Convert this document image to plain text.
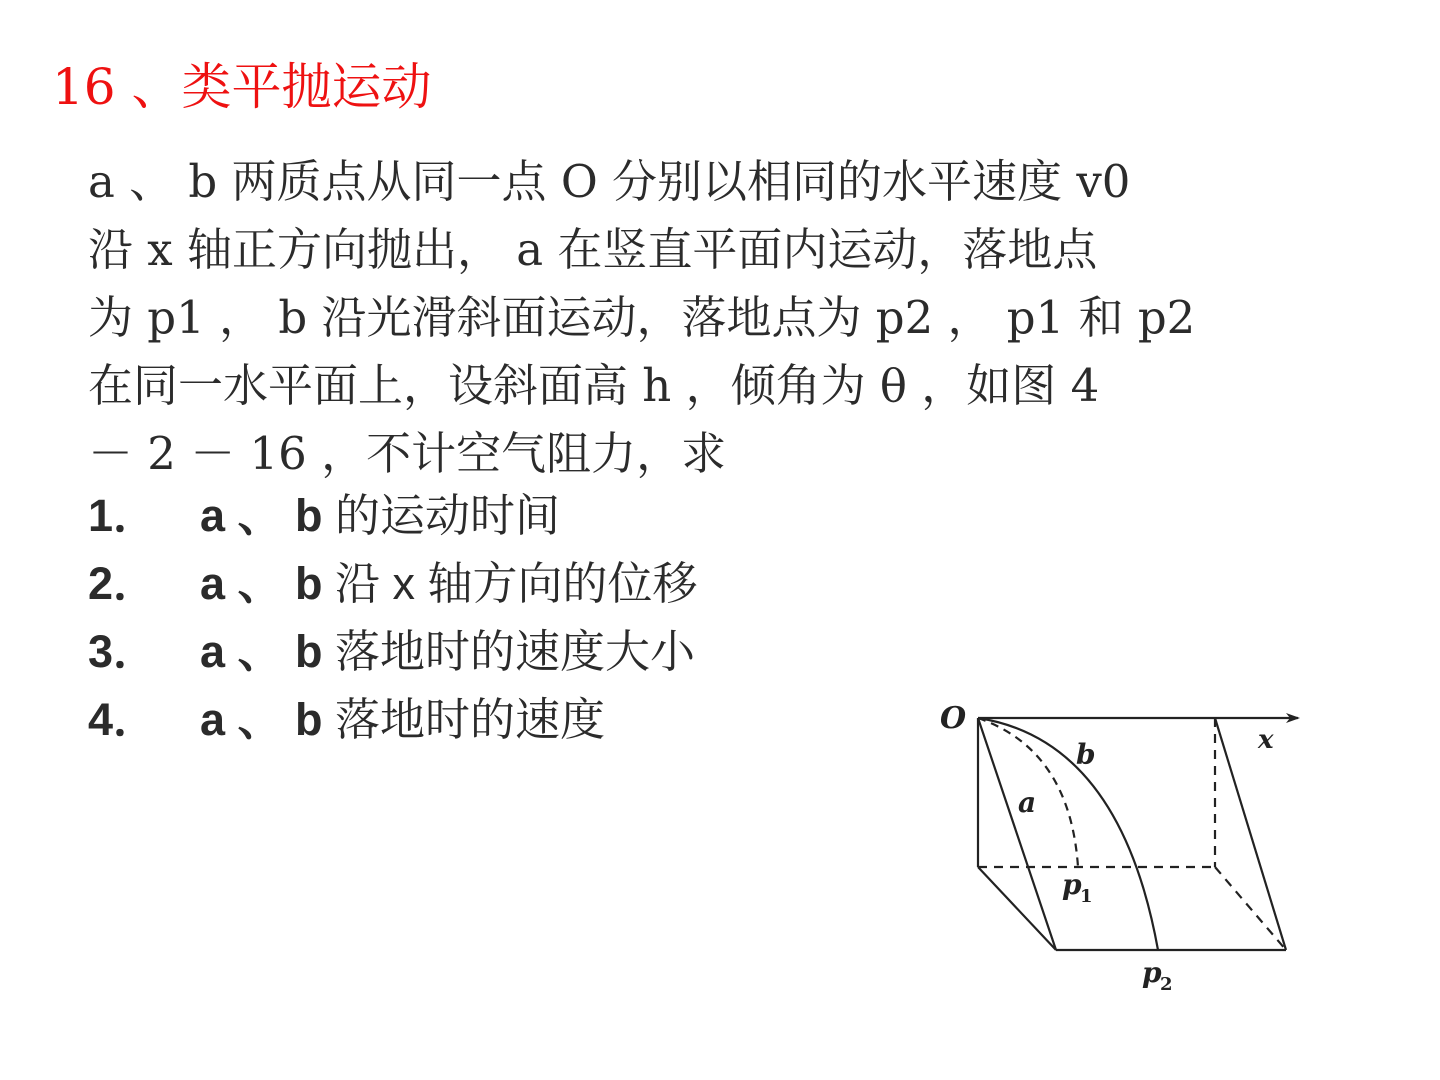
16 、类平抛运动
a 、 b 两质点从同一点 O 分别以相同的水平速度 v0
沿 x 轴正方向抛出， a 在竖直平面内运动，落地点
为 p1 ， b 沿光滑斜面运动，落地点为 p2 ， p1 和 p2
在同一水平面上，设斜面高 h ，倾角为 θ ，如图 4
－ 2 － 16 ，不计空气阻力，求
1． a 、 b 的运动时间
2． a 、 b 沿 x 轴方向的位移
3． a 、 b 落地时的速度大小
4． a 、 b 落地时的速度	O
x
b
a
p
1
p
2
